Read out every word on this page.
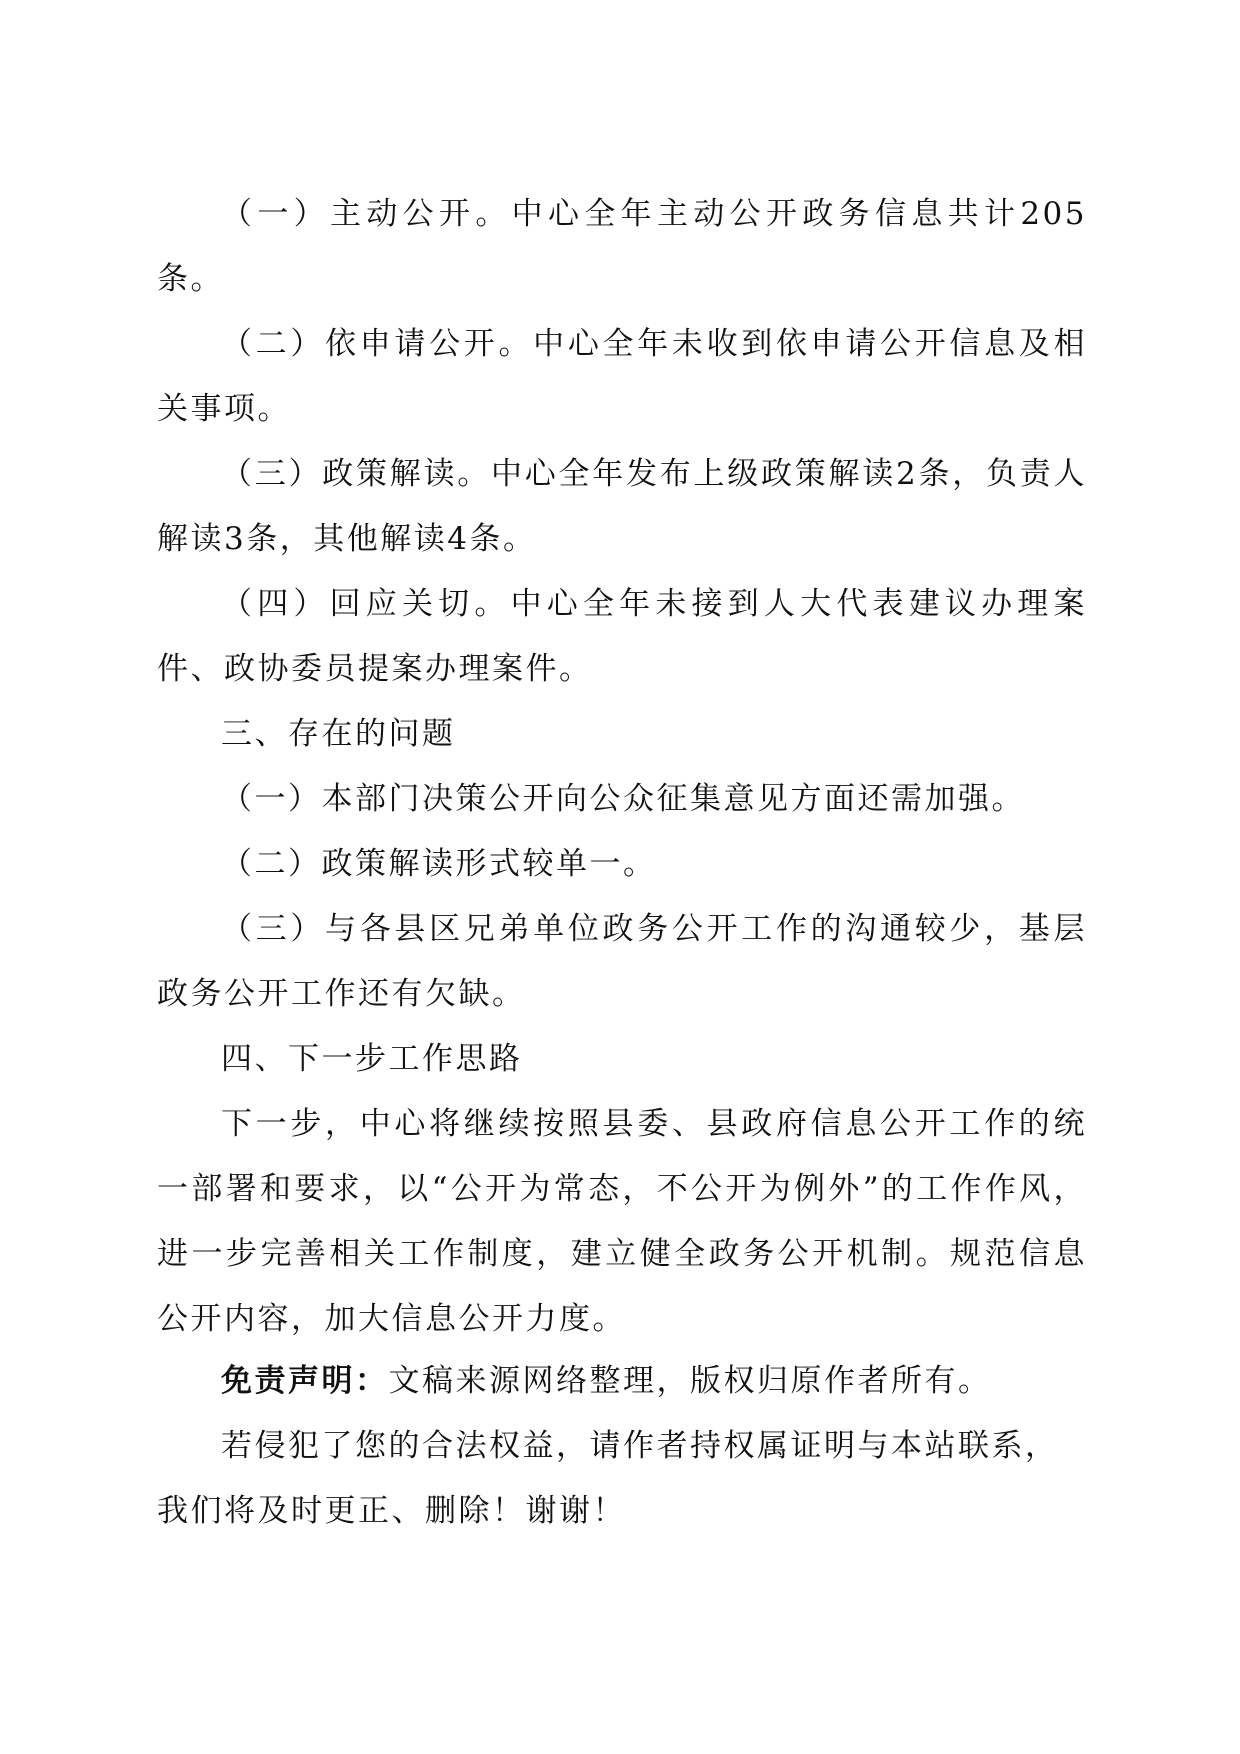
（一）主动公开。中心全年主动公开政务信息共计205条。

（二）依申请公开。中心全年未收到依申请公开信息及相关事项。

（三）政策解读。中心全年发布上级政策解读2条，负责人解读3条，其他解读4条。

（四）回应关切。中心全年未接到人大代表建议办理案件、政协委员提案办理案件。

三、存在的问题

（一）本部门决策公开向公众征集意见方面还需加强。

（二）政策解读形式较单一。

（三）与各县区兄弟单位政务公开工作的沟通较少，基层政务公开工作还有欠缺。

四、下一步工作思路

下一步，中心将继续按照县委、县政府信息公开工作的统一部署和要求，以“公开为常态，不公开为例外”的工作作风，进一步完善相关工作制度，建立健全政务公开机制。规范信息公开内容，加大信息公开力度。

免责声明：文稿来源网络整理，版权归原作者所有。

若侵犯了您的合法权益，请作者持权属证明与本站联系，

我们将及时更正、删除！谢谢！
